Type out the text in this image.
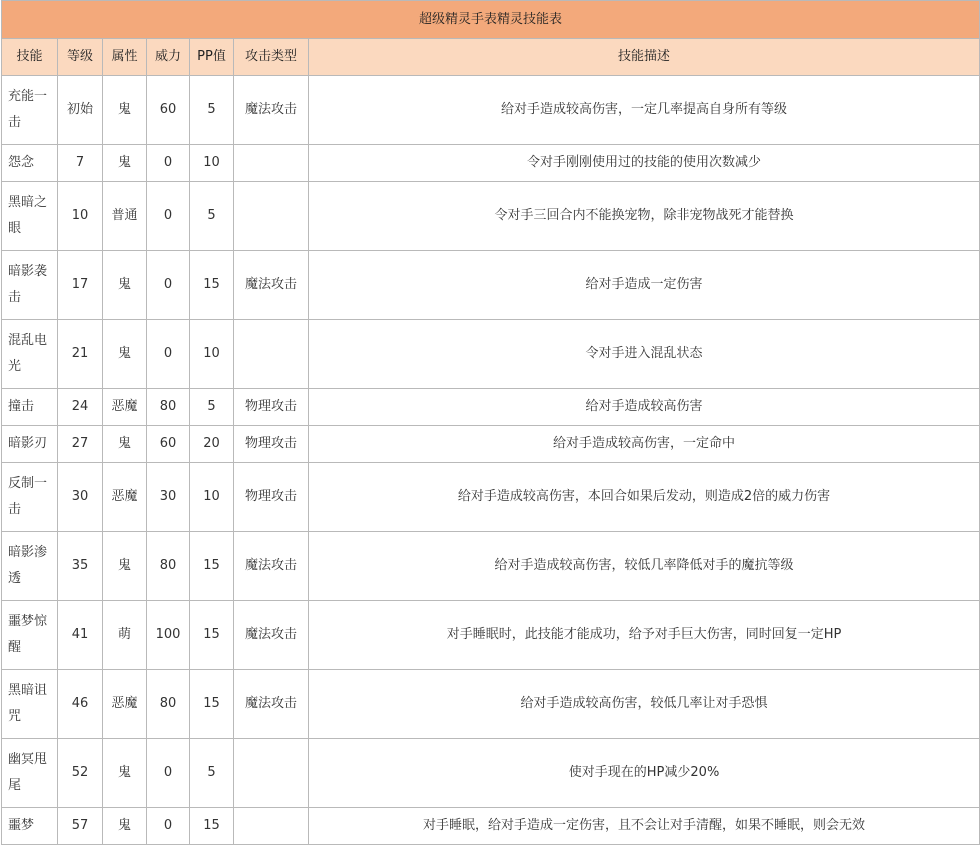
超级精灵手表精灵技能表						
技能	等级	属性	威力	PP值	攻击类型	技能描述
充能一击	初始	鬼	60	5	魔法攻击	给对手造成较高伤害，一定几率提高自身所有等级
怨念	7	鬼	0	10		令对手刚刚使用过的技能的使用次数减少
黑暗之眼	10	普通	0	5		令对手三回合内不能换宠物，除非宠物战死才能替换
暗影袭击	17	鬼	0	15	魔法攻击	给对手造成一定伤害
混乱电光	21	鬼	0	10		令对手进入混乱状态
撞击	24	恶魔	80	5	物理攻击	给对手造成较高伤害
暗影刃	27	鬼	60	20	物理攻击	给对手造成较高伤害，一定命中
反制一击	30	恶魔	30	10	物理攻击	给对手造成较高伤害，本回合如果后发动，则造成2倍的威力伤害
暗影渗透	35	鬼	80	15	魔法攻击	给对手造成较高伤害，较低几率降低对手的魔抗等级
噩梦惊醒	41	萌	100	15	魔法攻击	对手睡眠时，此技能才能成功，给予对手巨大伤害，同时回复一定HP
黑暗诅咒	46	恶魔	80	15	魔法攻击	给对手造成较高伤害，较低几率让对手恐惧
幽冥甩尾	52	鬼	0	5		使对手现在的HP减少20%
噩梦	57	鬼	0	15		对手睡眠，给对手造成一定伤害，且不会让对手清醒，如果不睡眠，则会无效
